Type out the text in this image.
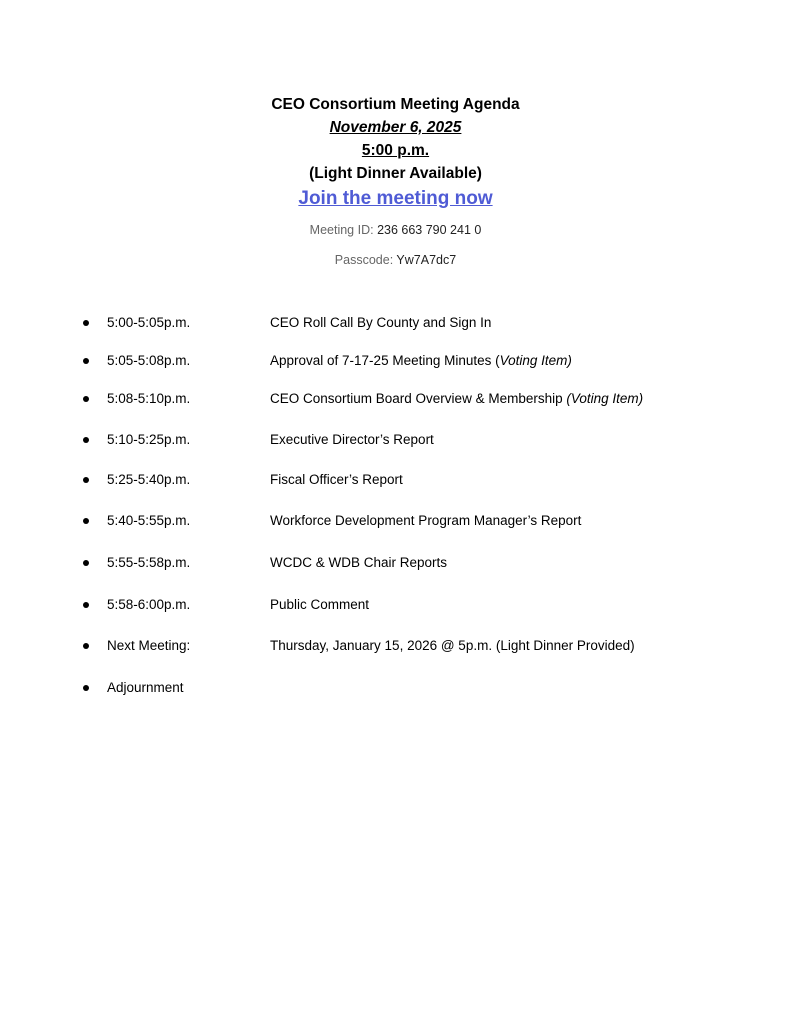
CEO Consortium Meeting Agenda
November 6, 2025
5:00 p.m.
(Light Dinner Available)
Join the meeting now
Meeting ID: 236 663 790 241 0
Passcode: Yw7A7dc7
5:00-5:05p.m.	CEO Roll Call By County and Sign In
5:05-5:08p.m.	Approval of 7-17-25 Meeting Minutes (Voting Item)
5:08-5:10p.m.	CEO Consortium Board Overview & Membership (Voting Item)
5:10-5:25p.m.	Executive Director’s Report
5:25-5:40p.m.	Fiscal Officer’s Report
5:40-5:55p.m.	Workforce Development Program Manager’s Report
5:55-5:58p.m.	WCDC & WDB Chair Reports
5:58-6:00p.m.	Public Comment
Next Meeting:	Thursday, January 15, 2026 @ 5p.m. (Light Dinner Provided)
Adjournment
